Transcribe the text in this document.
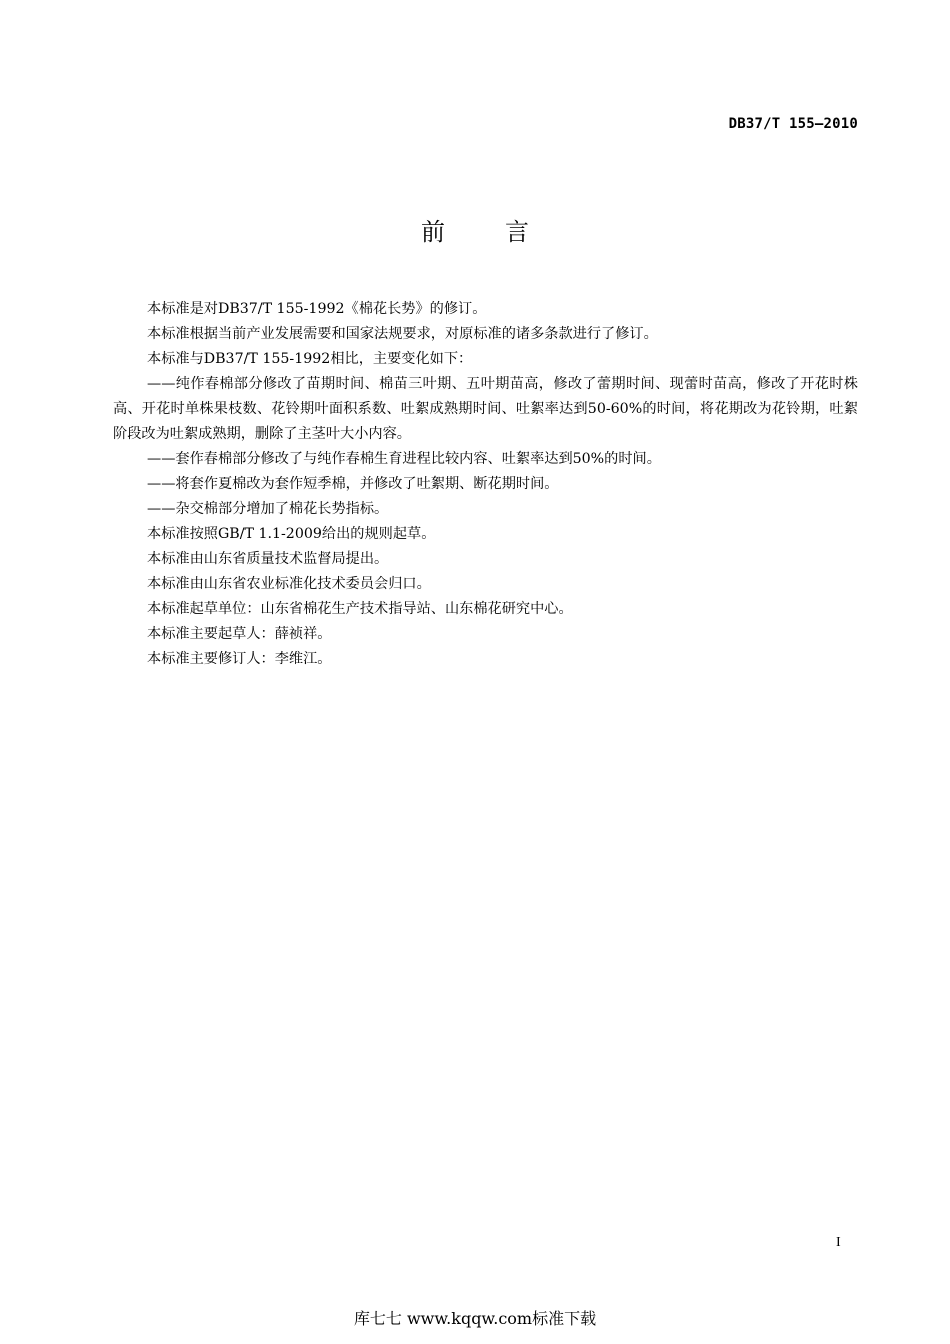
DB37/T 155—2010
前言

本标准是对DB37/T 155-1992《棉花长势》的修订。

本标准根据当前产业发展需要和国家法规要求，对原标准的诸多条款进行了修订。

本标准与DB37/T 155-1992相比，主要变化如下：

——纯作春棉部分修改了苗期时间、棉苗三叶期、五叶期苗高，修改了蕾期时间、现蕾时苗高，修改了开花时株高、开花时单株果枝数、花铃期叶面积系数、吐絮成熟期时间、吐絮率达到50-60%的时间，将花期改为花铃期，吐絮阶段改为吐絮成熟期，删除了主茎叶大小内容。

——套作春棉部分修改了与纯作春棉生育进程比较内容、吐絮率达到50%的时间。

——将套作夏棉改为套作短季棉，并修改了吐絮期、断花期时间。

——杂交棉部分增加了棉花长势指标。

本标准按照GB/T 1.1-2009给出的规则起草。

本标准由山东省质量技术监督局提出。

本标准由山东省农业标准化技术委员会归口。

本标准起草单位：山东省棉花生产技术指导站、山东棉花研究中心。

本标准主要起草人：薛祯祥。

本标准主要修订人：李维江。

I
库七七 www.kqqw.com标准下载
